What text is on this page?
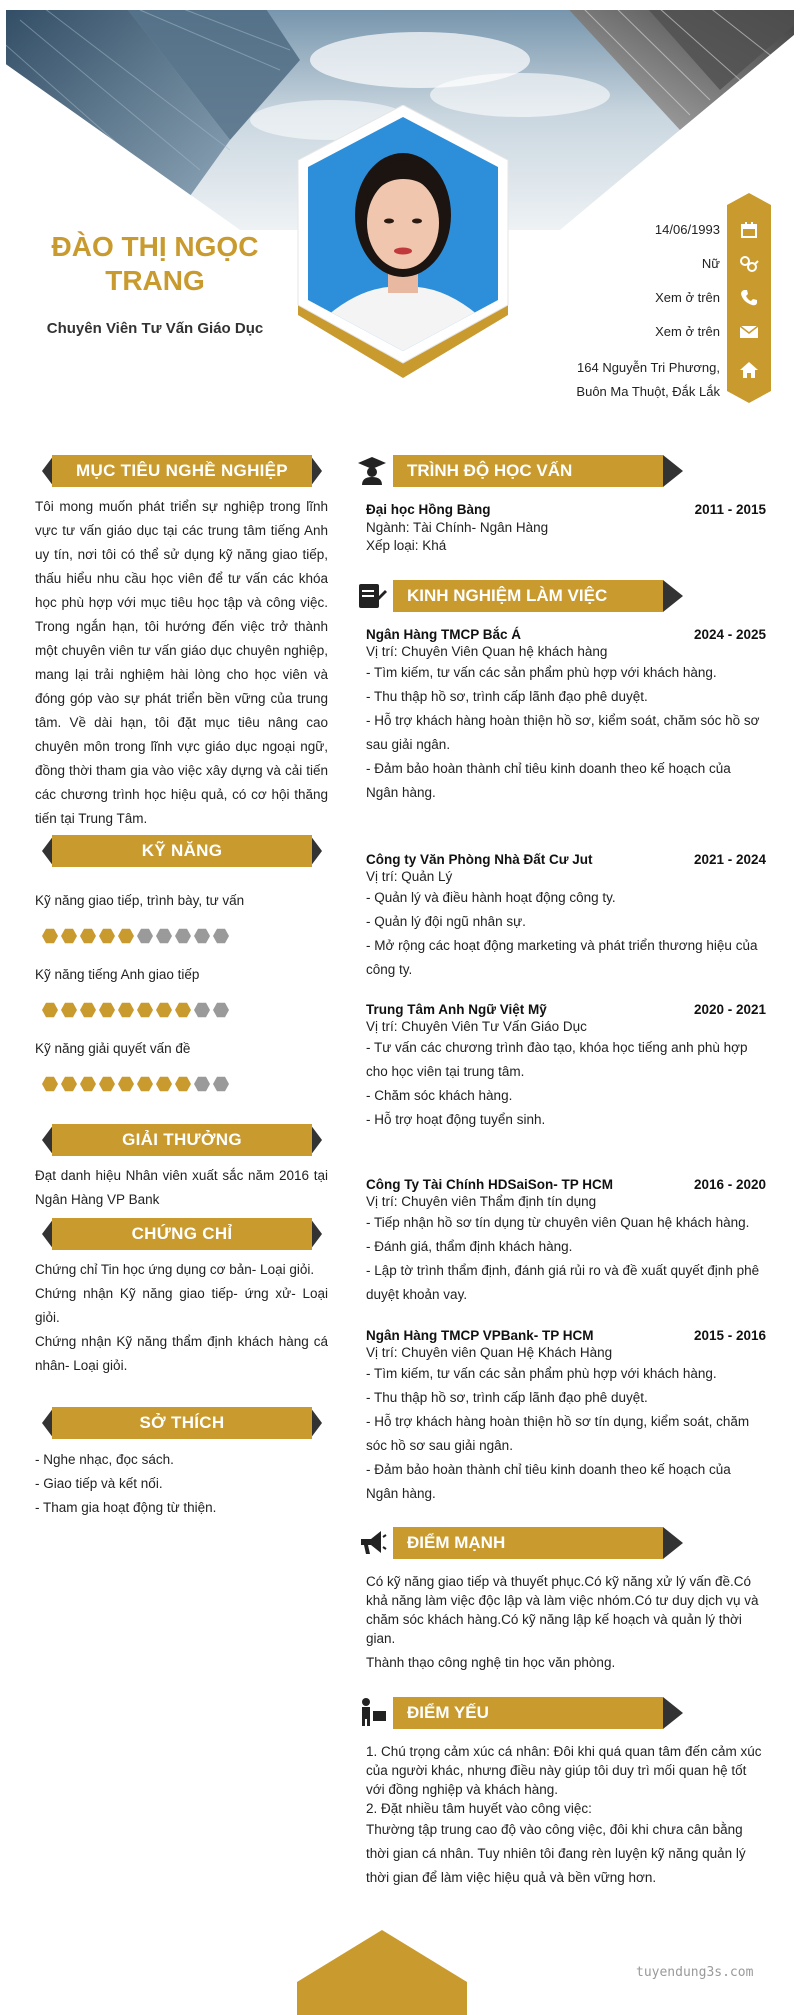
ĐÀO THỊ NGỌC
TRANG
Chuyên Viên Tư Vấn Giáo Dục
14/06/1993
Nữ
Xem ở trên
Xem ở trên
164 Nguyễn Tri Phương,
Buôn Ma Thuột, Đắk Lắk
MỤC TIÊU NGHỀ NGHIỆP
Tôi mong muốn phát triển sự nghiệp trong lĩnh vực tư vấn giáo dục tại các trung tâm tiếng Anh uy tín, nơi tôi có thể sử dụng kỹ năng giao tiếp, thấu hiểu nhu cầu học viên để tư vấn các khóa học phù hợp với mục tiêu học tập và công việc. Trong ngắn hạn, tôi hướng đến việc trở thành một chuyên viên tư vấn giáo dục chuyên nghiệp, mang lại trải nghiệm hài lòng cho học viên và đóng góp vào sự phát triển bền vững của trung tâm. Về dài hạn, tôi đặt mục tiêu nâng cao chuyên môn trong lĩnh vực giáo dục ngoại ngữ, đồng thời tham gia vào việc xây dựng và cải tiến các chương trình học hiệu quả, có cơ hội thăng tiến tại Trung Tâm.
KỸ NĂNG
Kỹ năng giao tiếp, trình bày, tư vấn
Kỹ năng tiếng Anh giao tiếp
Kỹ năng giải quyết vấn đề
GIẢI THƯỞNG
Đạt danh hiệu Nhân viên xuất sắc năm 2016 tại Ngân Hàng VP Bank
CHỨNG CHỈ
Chứng chỉ Tin học ứng dụng cơ bản- Loại giỏi.
Chứng nhận Kỹ năng giao tiếp- ứng xử- Loại giỏi.
Chứng nhận Kỹ năng thẩm định khách hàng cá nhân- Loại giỏi.
SỞ THÍCH
- Nghe nhạc, đọc sách.
- Giao tiếp và kết nối.
- Tham gia hoạt động từ thiện.
TRÌNH ĐỘ HỌC VẤN
Đại học Hồng Bàng	2011 - 2015
Ngành: Tài Chính- Ngân Hàng
Xếp loại: Khá
KINH NGHIỆM LÀM VIỆC
Ngân Hàng TMCP Bắc Á	2024 - 2025
Vị trí: Chuyên Viên Quan hệ khách hàng
- Tìm kiếm, tư vấn các sản phẩm phù hợp với khách hàng.
- Thu thập hồ sơ, trình cấp lãnh đạo phê duyệt.
- Hỗ trợ khách hàng hoàn thiện hồ sơ, kiểm soát, chăm sóc hồ sơ sau giải ngân.
- Đảm bảo hoàn thành chỉ tiêu kinh doanh theo kế hoạch của Ngân hàng.
Công ty Văn Phòng Nhà Đất Cư Jut	2021 - 2024
Vị trí: Quản Lý
- Quản lý và điều hành hoạt động công ty.
- Quản lý đội ngũ nhân sự.
- Mở rộng các hoạt động marketing và phát triển thương hiệu của công ty.
Trung Tâm Anh Ngữ Việt Mỹ	2020 - 2021
Vị trí: Chuyên Viên Tư Vấn Giáo Dục
- Tư vấn các chương trình đào tạo, khóa học tiếng anh phù hợp cho học viên tại trung tâm.
- Chăm sóc khách hàng.
- Hỗ trợ hoạt động tuyển sinh.
Công Ty Tài Chính HDSaiSon- TP HCM	2016 - 2020
Vị trí: Chuyên viên Thẩm định tín dụng
- Tiếp nhận hồ sơ tín dụng từ chuyên viên Quan hệ khách hàng.
- Đánh giá, thẩm định khách hàng.
- Lập tờ trình thẩm định, đánh giá rủi ro và đề xuất quyết định phê duyệt khoản vay.
Ngân Hàng TMCP VPBank- TP HCM	2015 - 2016
Vị trí: Chuyên viên Quan Hệ Khách Hàng
- Tìm kiếm, tư vấn các sản phẩm phù hợp với khách hàng.
- Thu thập hồ sơ, trình cấp lãnh đạo phê duyệt.
- Hỗ trợ khách hàng hoàn thiện hồ sơ tín dụng, kiểm soát, chăm sóc hồ sơ sau giải ngân.
- Đảm bảo hoàn thành chỉ tiêu kinh doanh theo kế hoạch của Ngân hàng.
ĐIỂM MẠNH
Có kỹ năng giao tiếp và thuyết phục.Có kỹ năng xử lý vấn đề.Có khả năng làm việc độc lập và làm việc nhóm.Có tư duy dịch vụ và chăm sóc khách hàng.Có kỹ năng lập kế hoạch và quản lý thời gian.
Thành thạo công nghệ tin học văn phòng.
ĐIỂM YẾU
1. Chú trọng cảm xúc cá nhân: Đôi khi quá quan tâm đến cảm xúc của người khác, nhưng điều này giúp tôi duy trì mối quan hệ tốt với đồng nghiệp và khách hàng.
2. Đặt nhiều tâm huyết vào công việc:
Thường tập trung cao độ vào công việc, đôi khi chưa cân bằng thời gian cá nhân. Tuy nhiên tôi đang rèn luyện kỹ năng quản lý thời gian để làm việc hiệu quả và bền vững hơn.
tuyendung3s.com
